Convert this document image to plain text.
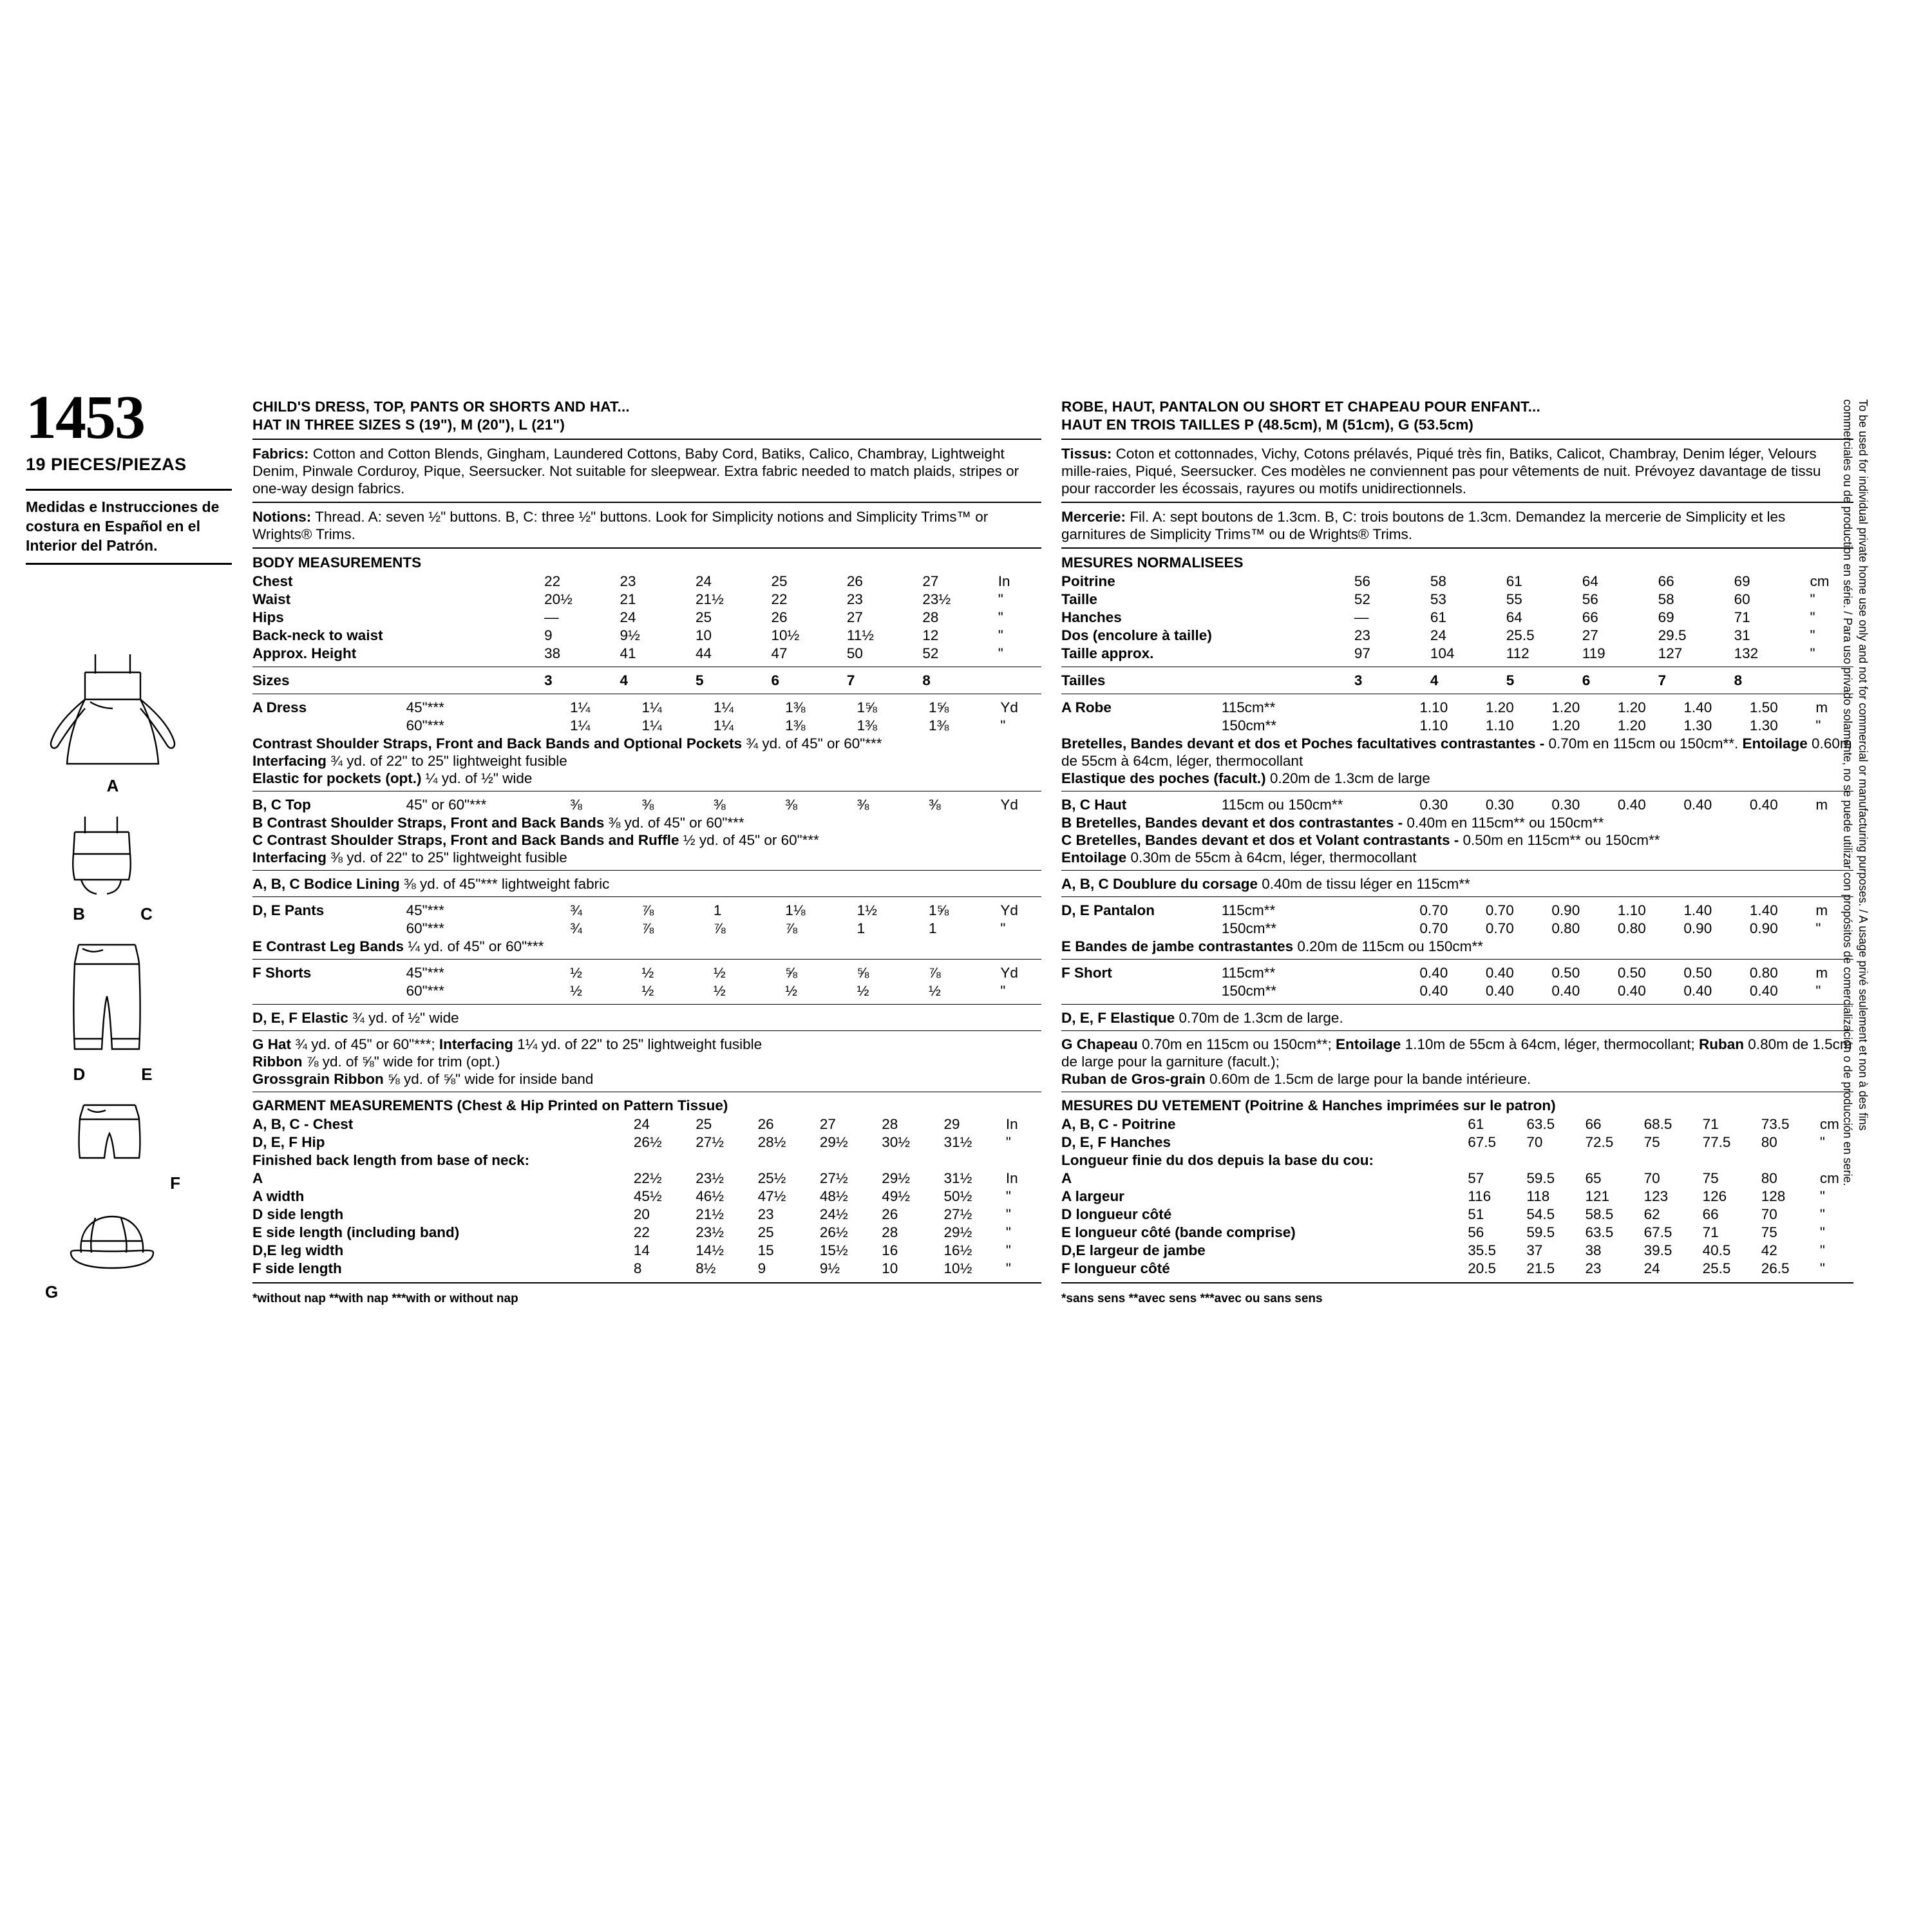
1453
19 PIECES/PIEZAS
Medidas e Instrucciones de costura en Español en el Interior del Patrón.
A
B	C
D	E
F
G
CHILD'S DRESS, TOP, PANTS OR SHORTS AND HAT...
HAT IN THREE SIZES S (19"), M (20"), L (21")
Fabrics: Cotton and Cotton Blends, Gingham, Laundered Cottons, Baby Cord, Batiks, Calico, Chambray, Lightweight Denim, Pinwale Corduroy, Pique, Seersucker. Not suitable for sleepwear. Extra fabric needed to match plaids, stripes or one-way design fabrics.
Notions: Thread. A: seven ½" buttons. B, C: three ½" buttons. Look for Simplicity notions and Simplicity Trims™ or Wrights® Trims.
BODY MEASUREMENTS
Chest	22	23	24	25	26	27	In
Waist	20½	21	21½	22	23	23½	"
Hips	—	24	25	26	27	28	"
Back-neck to waist	9	9½	10	10½	11½	12	"
Approx. Height	38	41	44	47	50	52	"
Sizes	3	4	5	6	7	8	
A Dress	45"***	1¼	1¼	1¼	1⅜	1⅝	1⅝	Yd
	60"***	1¼	1¼	1¼	1⅜	1⅜	1⅜	"
Contrast Shoulder Straps, Front and Back Bands and Optional Pockets ¾ yd. of 45" or 60"***
Interfacing ¾ yd. of 22" to 25" lightweight fusible
Elastic for pockets (opt.) ¼ yd. of ½" wide
B, C Top	45" or 60"***	⅜	⅜	⅜	⅜	⅜	⅜	Yd
B Contrast Shoulder Straps, Front and Back Bands ⅜ yd. of 45" or 60"***
C Contrast Shoulder Straps, Front and Back Bands and Ruffle ½ yd. of 45" or 60"***
Interfacing ⅜ yd. of 22" to 25" lightweight fusible
A, B, C Bodice Lining ⅜ yd. of 45"*** lightweight fabric
D, E Pants	45"***	¾	⅞	1	1⅛	1½	1⅝	Yd
	60"***	¾	⅞	⅞	⅞	1	1	"
E Contrast Leg Bands ¼ yd. of 45" or 60"***
F Shorts	45"***	½	½	½	⅝	⅝	⅞	Yd
	60"***	½	½	½	½	½	½	"
D, E, F Elastic ¾ yd. of ½" wide
G Hat ¾ yd. of 45" or 60"***; Interfacing 1¼ yd. of 22" to 25" lightweight fusible
Ribbon ⅞ yd. of ⅝" wide for trim (opt.)
Grossgrain Ribbon ⅝ yd. of ⅝" wide for inside band
GARMENT MEASUREMENTS (Chest & Hip Printed on Pattern Tissue)
A, B, C - Chest	24	25	26	27	28	29	In
D, E, F Hip	26½	27½	28½	29½	30½	31½	"
Finished back length from base of neck:							
A	22½	23½	25½	27½	29½	31½	In
A width	45½	46½	47½	48½	49½	50½	"
D side length	20	21½	23	24½	26	27½	"
E side length (including band)	22	23½	25	26½	28	29½	"
D,E leg width	14	14½	15	15½	16	16½	"
F side length	8	8½	9	9½	10	10½	"
*without nap **with nap ***with or without nap
ROBE, HAUT, PANTALON OU SHORT ET CHAPEAU POUR ENFANT...
HAUT EN TROIS TAILLES P (48.5cm), M (51cm), G (53.5cm)
Tissus: Coton et cottonnades, Vichy, Cotons prélavés, Piqué très fin, Batiks, Calicot, Chambray, Denim léger, Velours mille-raies, Piqué, Seersucker. Ces modèles ne conviennent pas pour vêtements de nuit. Prévoyez davantage de tissu pour raccorder les écossais, rayures ou motifs unidirectionnels.
Mercerie: Fil. A: sept boutons de 1.3cm. B, C: trois boutons de 1.3cm. Demandez la mercerie de Simplicity et les garnitures de Simplicity Trims™ ou de Wrights® Trims.
MESURES NORMALISEES
Poitrine	56	58	61	64	66	69	cm
Taille	52	53	55	56	58	60	"
Hanches	—	61	64	66	69	71	"
Dos (encolure à taille)	23	24	25.5	27	29.5	31	"
Taille approx.	97	104	112	119	127	132	"
Tailles	3	4	5	6	7	8	
A Robe	115cm**	1.10	1.20	1.20	1.20	1.40	1.50	m
	150cm**	1.10	1.10	1.20	1.20	1.30	1.30	"
Bretelles, Bandes devant et dos et Poches facultatives contrastantes - 0.70m en 115cm ou 150cm**. Entoilage 0.60m de 55cm à 64cm, léger, thermocollant
Elastique des poches (facult.) 0.20m de 1.3cm de large
B, C Haut	115cm ou 150cm**	0.30	0.30	0.30	0.40	0.40	0.40	m
B Bretelles, Bandes devant et dos contrastantes - 0.40m en 115cm** ou 150cm**
C Bretelles, Bandes devant et dos et Volant contrastants - 0.50m en 115cm** ou 150cm**
Entoilage 0.30m de 55cm à 64cm, léger, thermocollant
A, B, C Doublure du corsage 0.40m de tissu léger en 115cm**
D, E Pantalon	115cm**	0.70	0.70	0.90	1.10	1.40	1.40	m
	150cm**	0.70	0.70	0.80	0.80	0.90	0.90	"
E Bandes de jambe contrastantes 0.20m de 115cm ou 150cm**
F Short	115cm**	0.40	0.40	0.50	0.50	0.50	0.80	m
	150cm**	0.40	0.40	0.40	0.40	0.40	0.40	"
D, E, F Elastique 0.70m de 1.3cm de large.
G Chapeau 0.70m en 115cm ou 150cm**; Entoilage 1.10m de 55cm à 64cm, léger, thermocollant; Ruban 0.80m de 1.5cm de large pour la garniture (facult.);
Ruban de Gros-grain 0.60m de 1.5cm de large pour la bande intérieure.
MESURES DU VETEMENT (Poitrine & Hanches imprimées sur le patron)
A, B, C - Poitrine	61	63.5	66	68.5	71	73.5	cm
D, E, F Hanches	67.5	70	72.5	75	77.5	80	"
Longueur finie du dos depuis la base du cou:							
A	57	59.5	65	70	75	80	cm
A largeur	116	118	121	123	126	128	"
D longueur côté	51	54.5	58.5	62	66	70	"
E longueur côté (bande comprise)	56	59.5	63.5	67.5	71	75	"
D,E largeur de jambe	35.5	37	38	39.5	40.5	42	"
F longueur côté	20.5	21.5	23	24	25.5	26.5	"
*sans sens **avec sens ***avec ou sans sens
To be used for individual private home use only and not for commercial or manufacturing purposes. / A usage privé seulement et non à des fins
commerciales ou de production en série. / Para uso privado solamente, no se puede utilizar con propósitos de comercialización o de producción en serie.
